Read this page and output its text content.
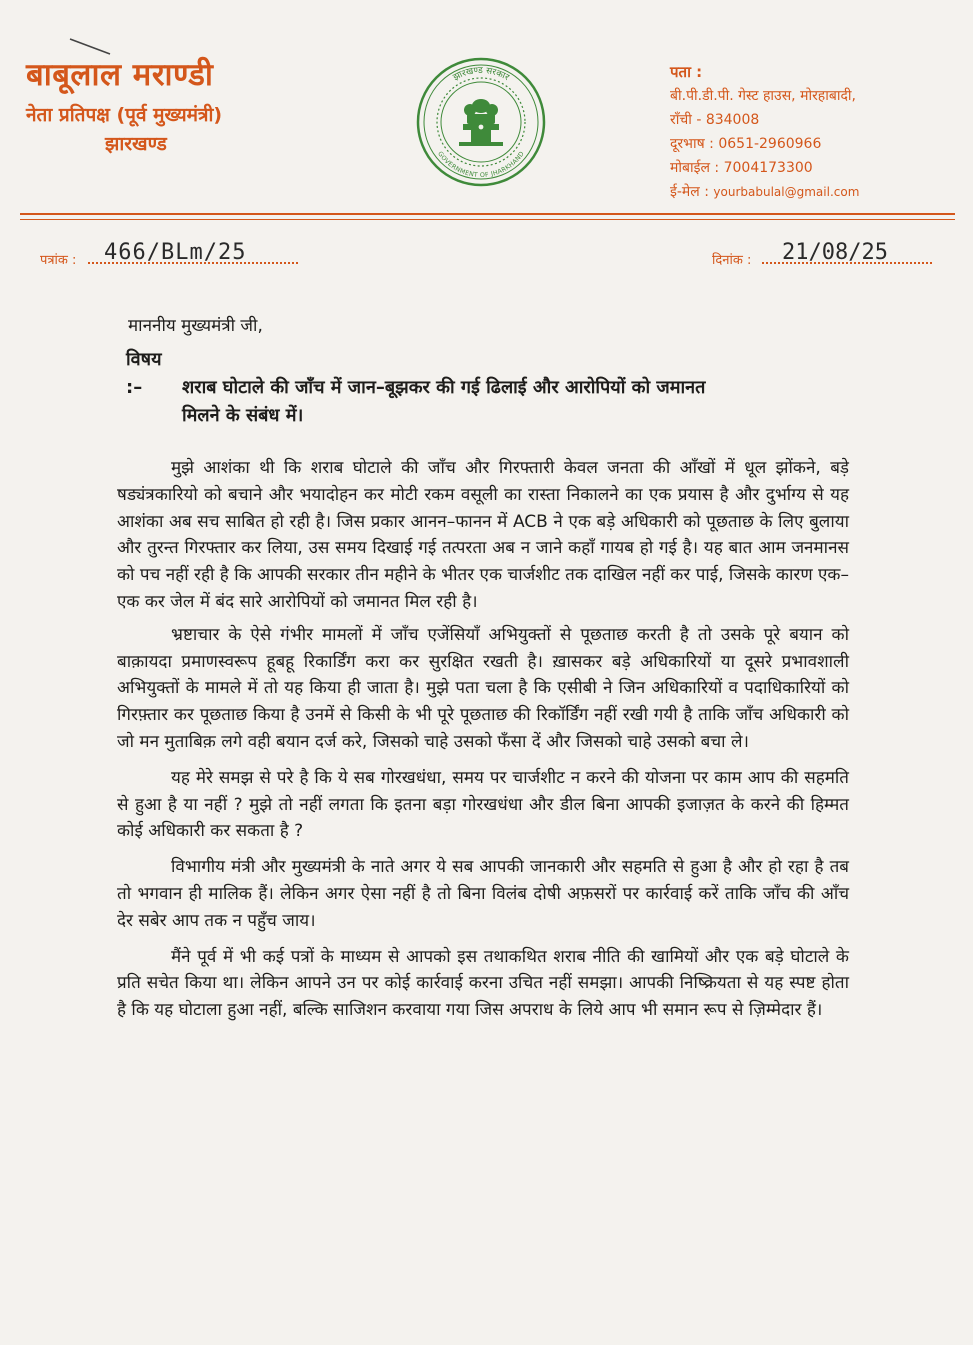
बाबूलाल मराण्डी
नेता प्रतिपक्ष (पूर्व मुख्यमंत्री)
झारखण्ड
झारखण्ड सरकार
GOVERNMENT OF JHARKHAND
पता :
बी.पी.डी.पी. गेस्ट हाउस, मोरहाबादी,
राँची - 834008
दूरभाष : 0651-2960966
मोबाईल : 7004173300
ई-मेल : yourbabulal@gmail.com
पत्रांक : 466/BLm/25	दिनांक : 21/08/25
माननीय मुख्यमंत्री जी,
विषय :– शराब घोटाले की जाँच में जान–बूझकर की गई ढिलाई और आरोपियों को जमानत
मिलने के संबंध में।

मुझे आशंका थी कि शराब घोटाले की जाँच और गिरफ्तारी केवल जनता की आँखों में धूल झोंकने, बड़े षड्यंत्रकारियो को बचाने और भयादोहन कर मोटी रकम वसूली का रास्ता निकालने का एक प्रयास है और दुर्भाग्य से यह आशंका अब सच साबित हो रही है। जिस प्रकार आनन–फानन में ACB ने एक बड़े अधिकारी को पूछताछ के लिए बुलाया और तुरन्त गिरफ्तार कर लिया, उस समय दिखाई गई तत्परता अब न जाने कहाँ गायब हो गई है। यह बात आम जनमानस को पच नहीं रही है कि आपकी सरकार तीन महीने के भीतर एक चार्जशीट तक दाखिल नहीं कर पाई, जिसके कारण एक–एक कर जेल में बंद सारे आरोपियों को जमानत मिल रही है।

भ्रष्टाचार के ऐसे गंभीर मामलों में जाँच एजेंसियाँ अभियुक्तों से पूछताछ करती है तो उसके पूरे बयान को बाक़ायदा प्रमाणस्वरूप हूबहू रिकार्डिंग करा कर सुरक्षित रखती है। ख़ासकर बड़े अधिकारियों या दूसरे प्रभावशाली अभियुक्तों के मामले में तो यह किया ही जाता है। मुझे पता चला है कि एसीबी ने जिन अधिकारियों व पदाधिकारियों को गिरफ़्तार कर पूछताछ किया है उनमें से किसी के भी पूरे पूछताछ की रिकॉर्डिंग नहीं रखी गयी है ताकि जाँच अधिकारी को जो मन मुताबिक़ लगे वही बयान दर्ज करे, जिसको चाहे उसको फँसा दें और जिसको चाहे उसको बचा ले।

यह मेरे समझ से परे है कि ये सब गोरखधंधा, समय पर चार्जशीट न करने की योजना पर काम आप की सहमति से हुआ है या नहीं ? मुझे तो नहीं लगता कि इतना बड़ा गोरखधंधा और डील बिना आपकी इजाज़त के करने की हिम्मत कोई अधिकारी कर सकता है ?

विभागीय मंत्री और मुख्यमंत्री के नाते अगर ये सब आपकी जानकारी और सहमति से हुआ है और हो रहा है तब तो भगवान ही मालिक हैं। लेकिन अगर ऐसा नहीं है तो बिना विलंब दोषी अफ़सरों पर कार्रवाई करें ताकि जाँच की आँच देर सबेर आप तक न पहुँच जाय।

मैंने पूर्व में भी कई पत्रों के माध्यम से आपको इस तथाकथित शराब नीति की खामियों और एक बड़े घोटाले के प्रति सचेत किया था। लेकिन आपने उन पर कोई कार्रवाई करना उचित नहीं समझा। आपकी निष्क्रियता से यह स्पष्ट होता है कि यह घोटाला हुआ नहीं, बल्कि साजिशन करवाया गया जिस अपराध के लिये आप भी समान रूप से ज़िम्मेदार हैं।
